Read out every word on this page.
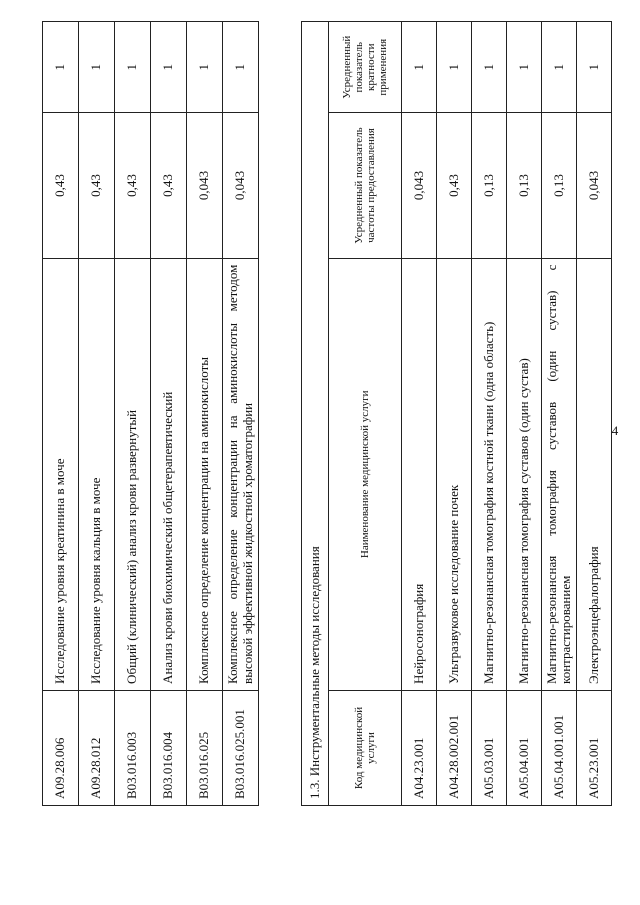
4
A09.28.006	Исследование уровня креатинина в моче	0,43	1
A09.28.012	Исследование уровня кальция в моче	0,43	1
B03.016.003	Общий (клинический) анализ крови развернутый	0,43	1
B03.016.004	Анализ крови биохимический общетерапевтический	0,43	1
B03.016.025	Комплексное определение концентрации на аминокислоты	0,043	1
B03.016.025.001	Комплексное определение концентрации на аминокислоты методом высокой эффективной жидкостной хроматографии	0,043	1
1.3. Инструментальные методы исследования			
Код медицинской услуги	Наименование медицинской услуги	Усредненный показатель частоты предоставления	Усредненный показатель кратности применения
A04.23.001	Нейросонография	0,043	1
A04.28.002.001	Ультразвуковое исследование почек	0,43	1
A05.03.001	Магнитно-резонансная томография костной ткани (одна область)	0,13	1
A05.04.001	Магнитно-резонансная томография суставов (один сустав)	0,13	1
A05.04.001.001	Магнитно-резонансная томография суставов (один сустав) с контрастированием	0,13	1
A05.23.001	Электроэнцефалография	0,043	1
